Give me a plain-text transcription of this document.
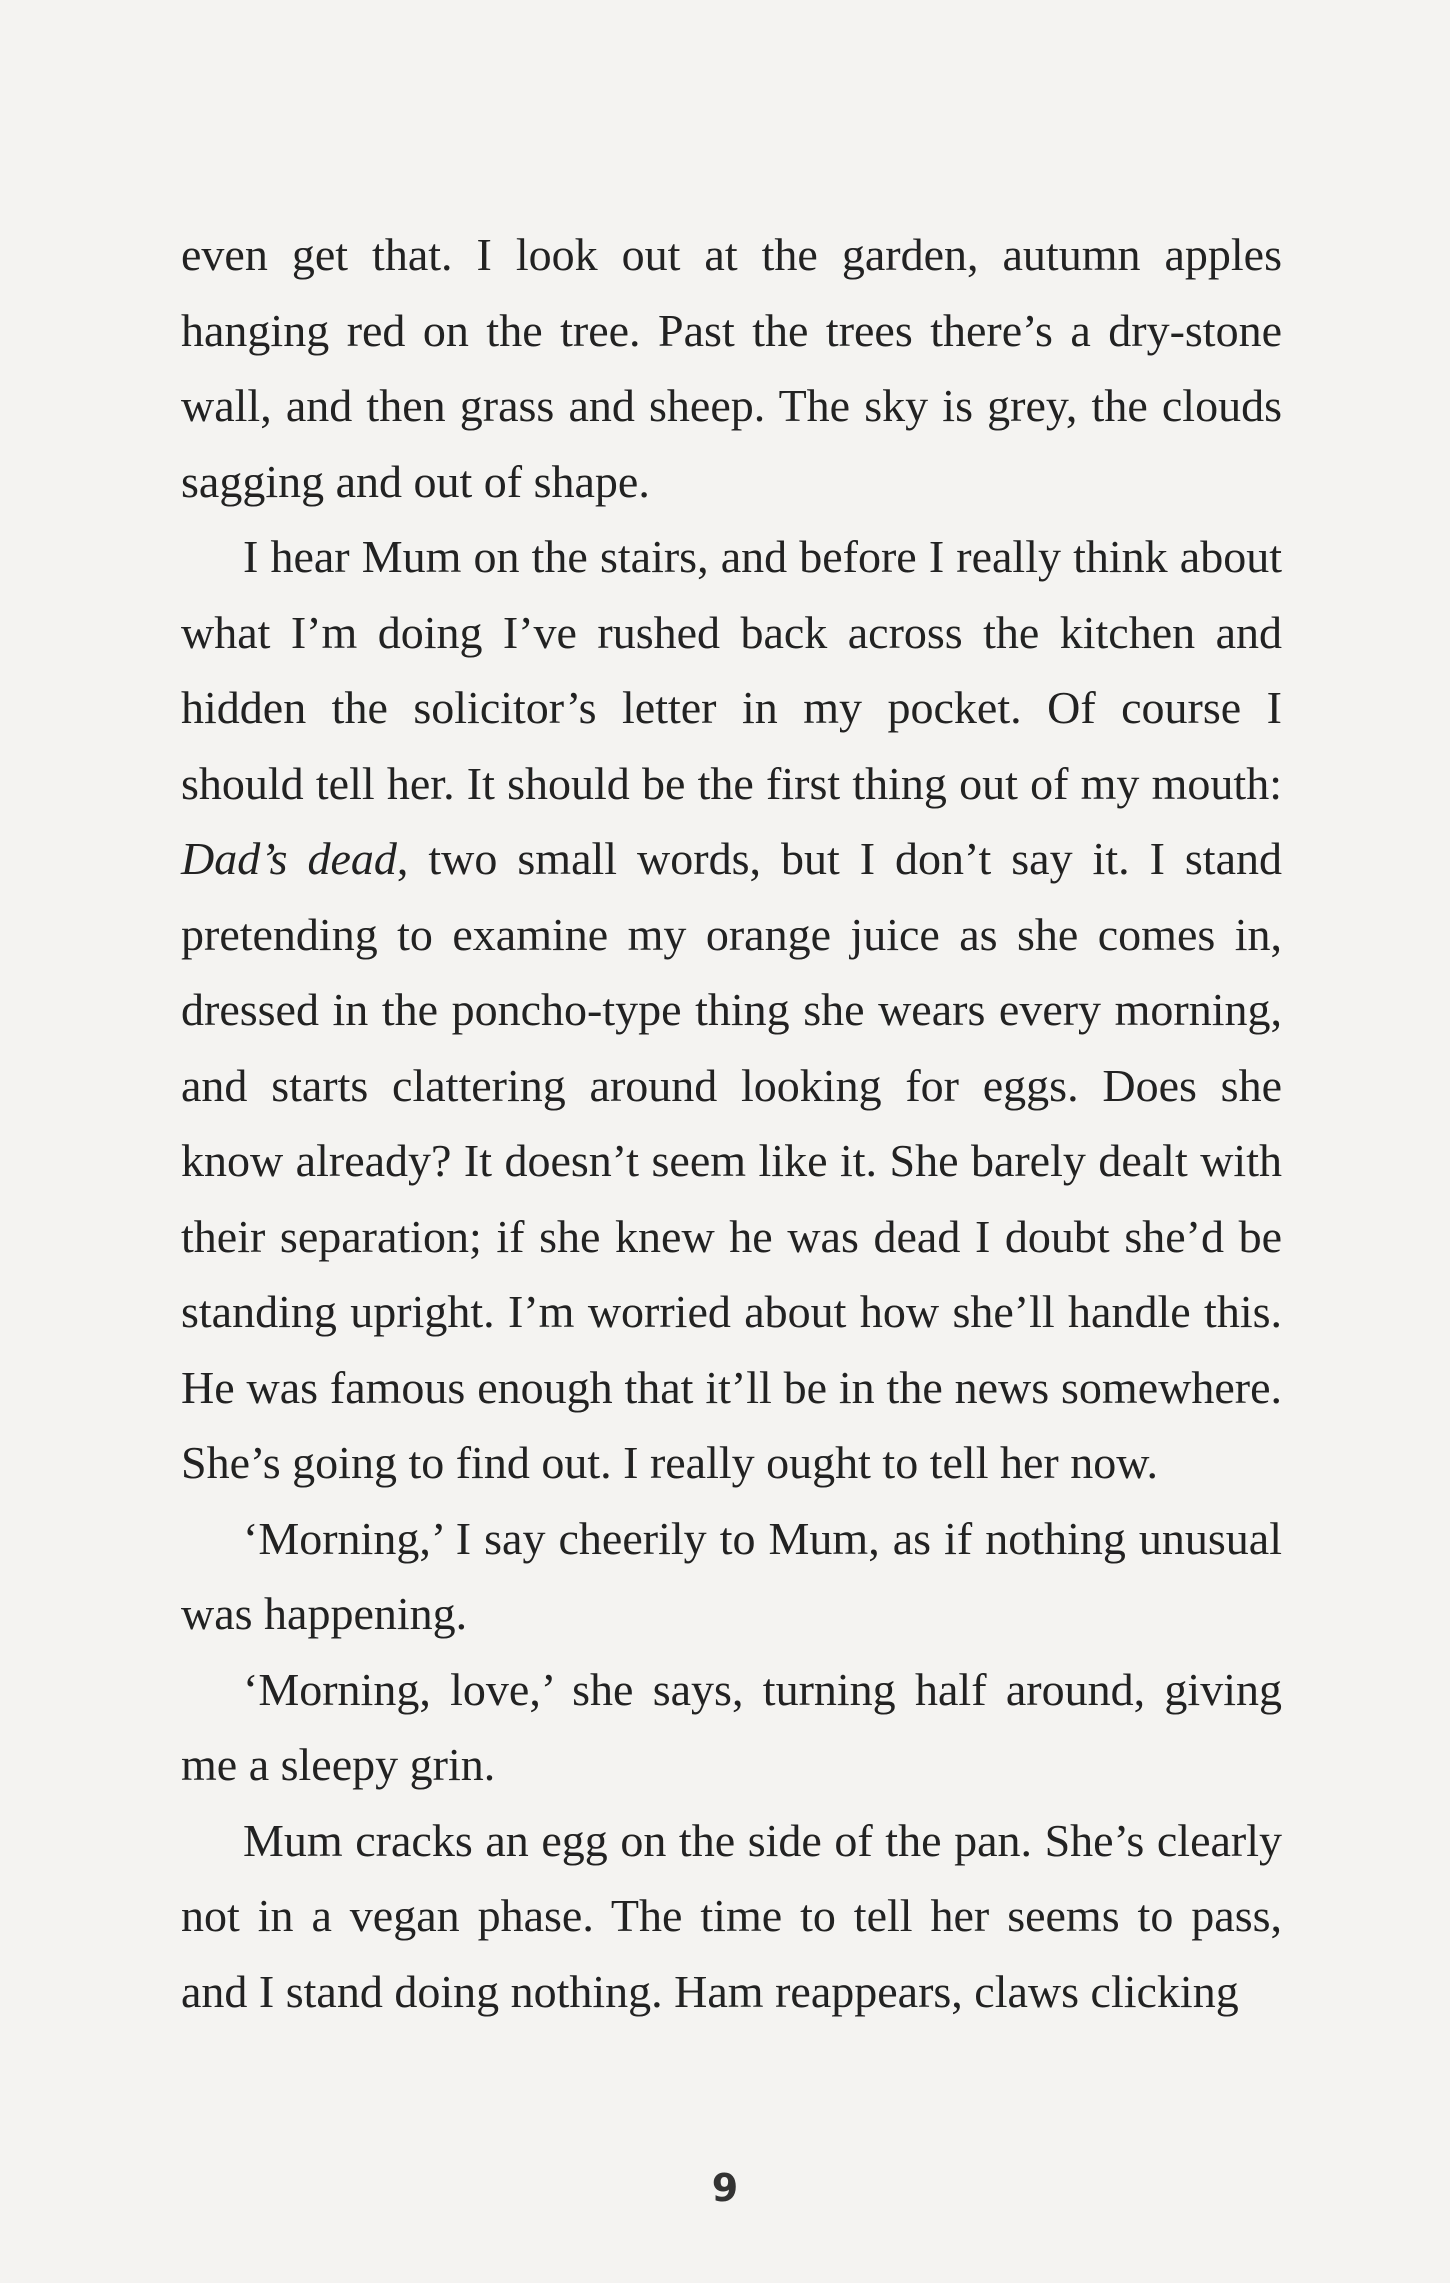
even get that. I look out at the garden, autumn apples hanging red on the tree. Past the trees there’s a dry-stone wall, and then grass and sheep. The sky is grey, the clouds sagging and out of shape.

I hear Mum on the stairs, and before I really think about what I’m doing I’ve rushed back across the kitchen and hidden the solicitor’s letter in my pocket. Of course I should tell her. It should be the first thing out of my mouth: Dad’s dead, two small words, but I don’t say it. I stand pretending to examine my orange juice as she comes in, dressed in the poncho-type thing she wears every morning, and starts clattering around looking for eggs. Does she know already? It doesn’t seem like it. She barely dealt with their separation; if she knew he was dead I doubt she’d be standing upright. I’m worried about how she’ll handle this. He was famous enough that it’ll be in the news somewhere. She’s going to find out. I really ought to tell her now.

‘Morning,’ I say cheerily to Mum, as if nothing unusual was happening.

‘Morning, love,’ she says, turning half around, giving me a sleepy grin.

Mum cracks an egg on the side of the pan. She’s clearly not in a vegan phase. The time to tell her seems to pass, and I stand doing nothing. Ham reappears, claws clicking

9
